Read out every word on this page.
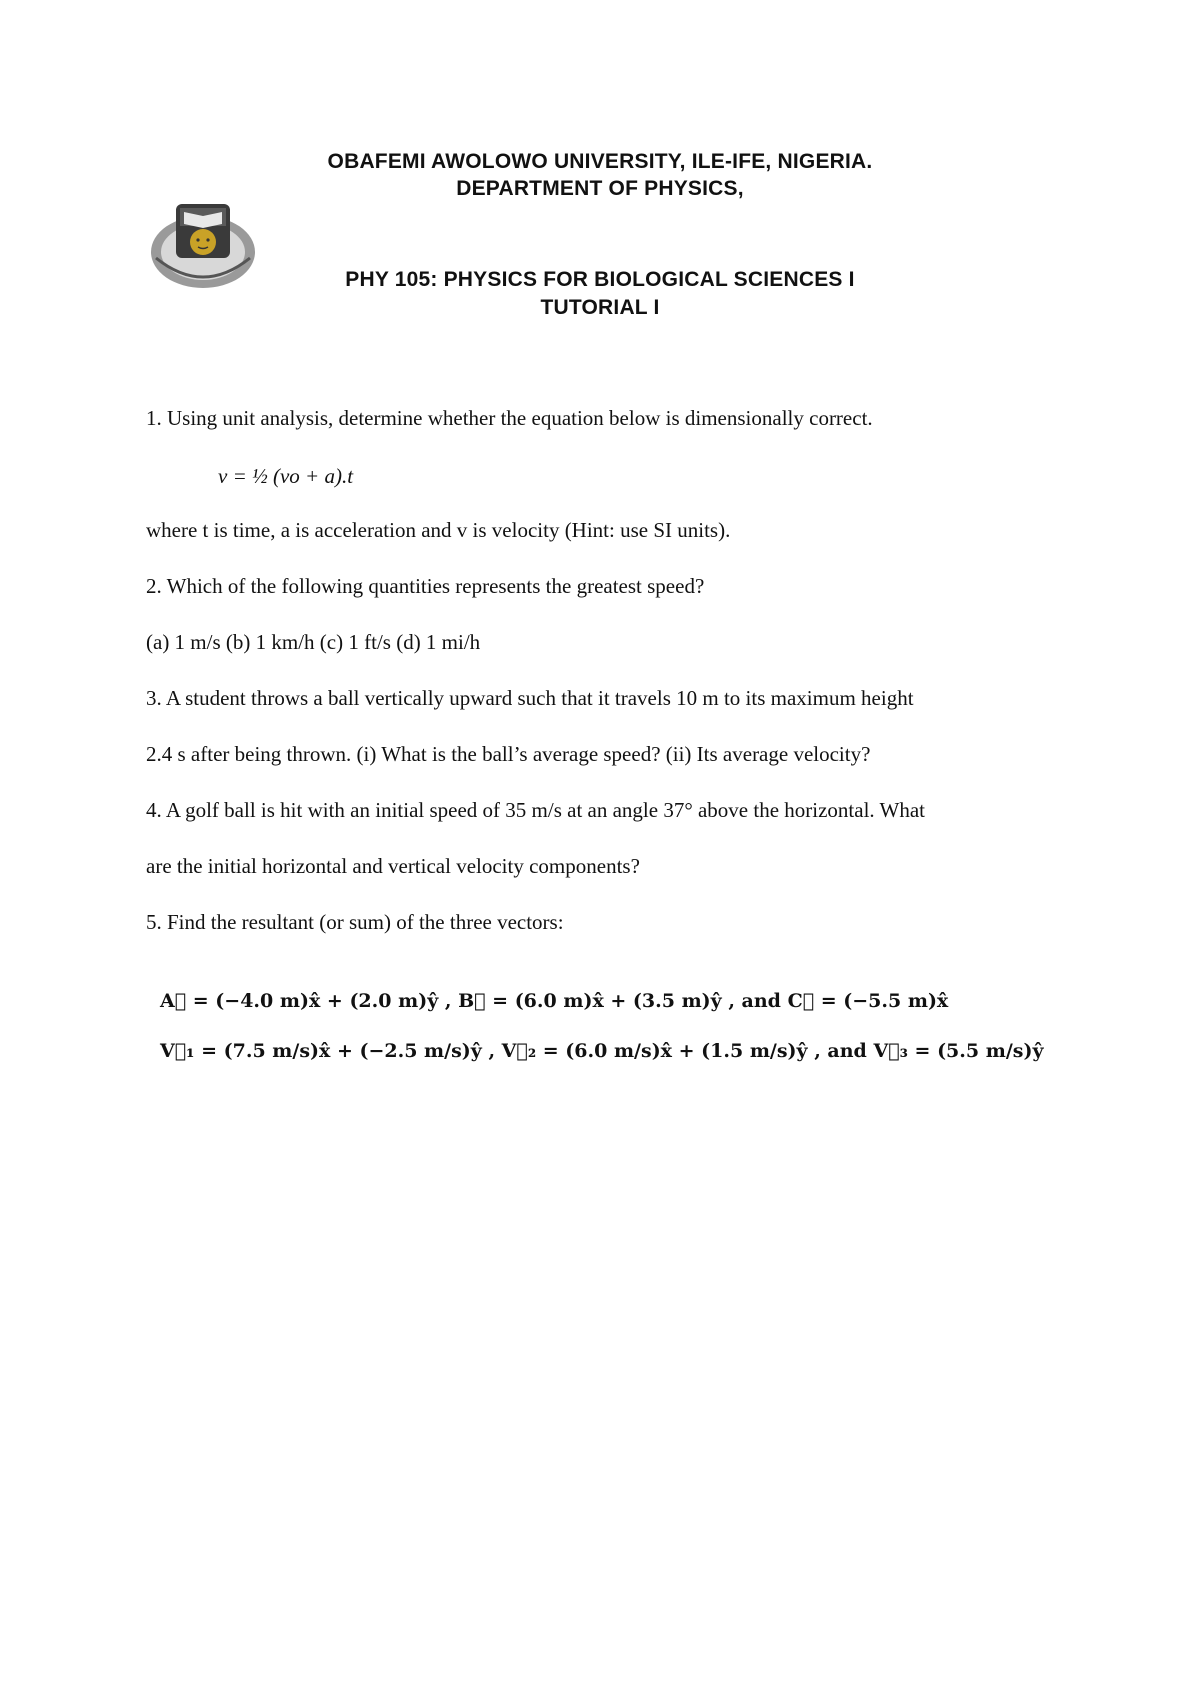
OBAFEMI AWOLOWO UNIVERSITY, ILE-IFE, NIGERIA.
DEPARTMENT OF PHYSICS,
PHY 105: PHYSICS FOR BIOLOGICAL SCIENCES I
TUTORIAL I
1. Using unit analysis, determine whether the equation below is dimensionally correct.
v = ½ (vo + a).t
where t is time, a is acceleration and v is velocity (Hint: use SI units).
2. Which of the following quantities represents the greatest speed?
(a) 1 m/s (b) 1 km/h (c) 1 ft/s (d) 1 mi/h
3. A student throws a ball vertically upward such that it travels 10 m to its maximum height
2.4 s after being thrown. (i) What is the ball’s average speed? (ii) Its average velocity?
4. A golf ball is hit with an initial speed of 35 m/s at an angle 37° above the horizontal. What
are the initial horizontal and vertical velocity components?
5. Find the resultant (or sum) of the three vectors:
A⃗ = (−4.0 m)x̂ + (2.0 m)ŷ , B⃗ = (6.0 m)x̂ + (3.5 m)ŷ , and C⃗ = (−5.5 m)x̂
V⃗₁ = (7.5 m/s)x̂ + (−2.5 m/s)ŷ , V⃗₂ = (6.0 m/s)x̂ + (1.5 m/s)ŷ , and V⃗₃ = (5.5 m/s)ŷ
